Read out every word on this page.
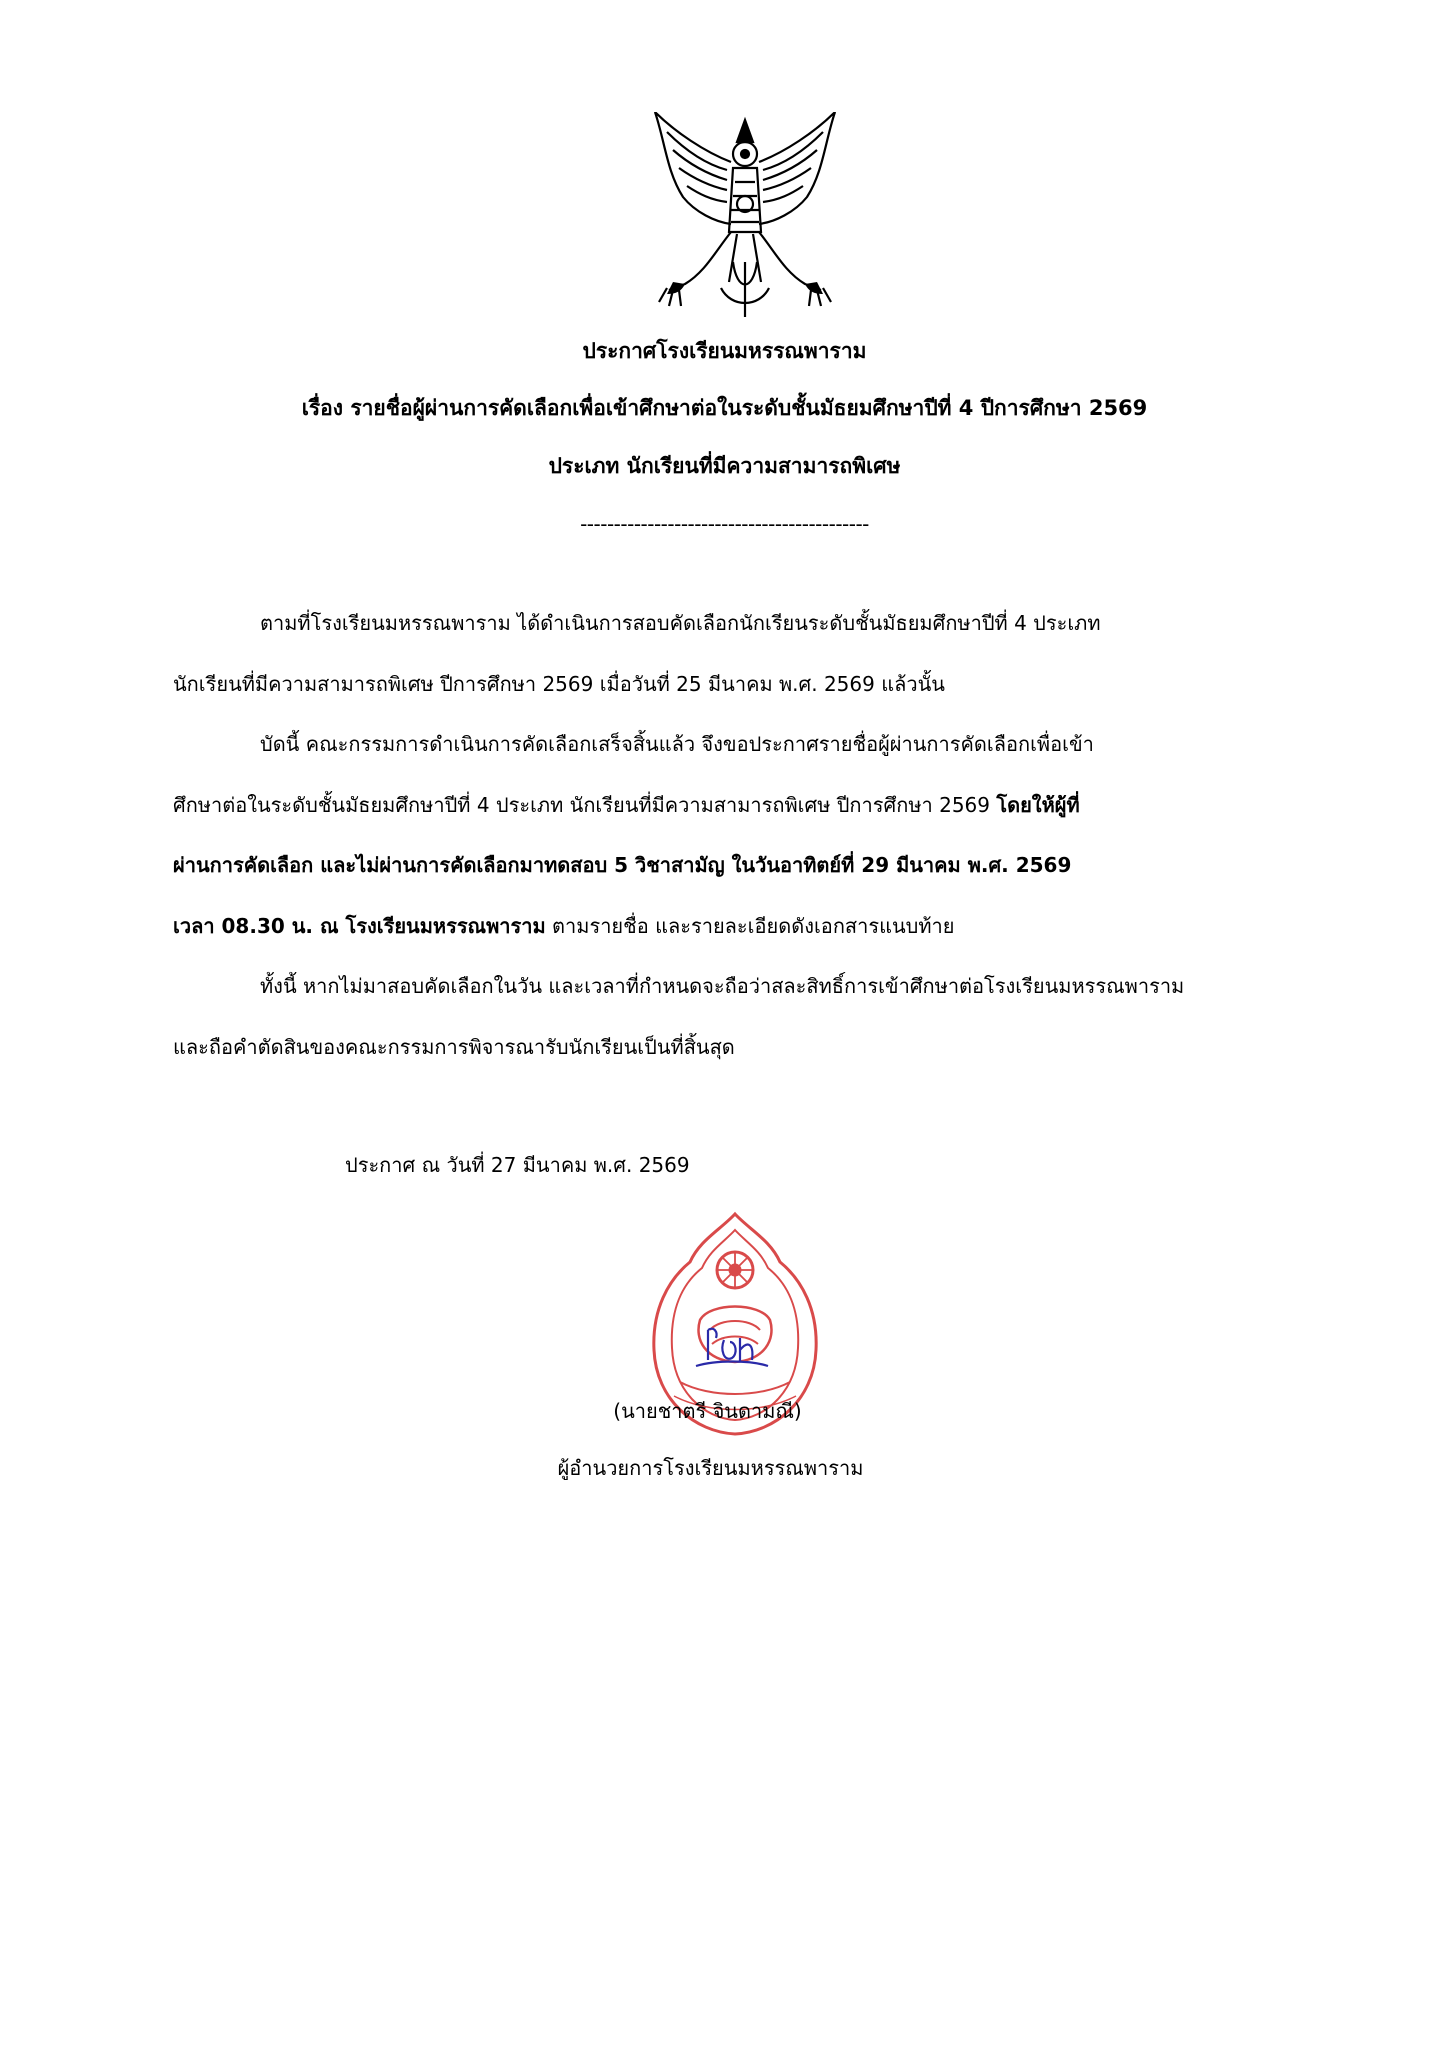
ประกาศโรงเรียนมหรรณพาราม
เรื่อง รายชื่อผู้ผ่านการคัดเลือกเพื่อเข้าศึกษาต่อในระดับชั้นมัธยมศึกษาปีที่ 4 ปีการศึกษา 2569
ประเภท นักเรียนที่มีความสามารถพิเศษ
-------------------------------------------
ตามที่โรงเรียนมหรรณพาราม ได้ดำเนินการสอบคัดเลือกนักเรียนระดับชั้นมัธยมศึกษาปีที่ 4 ประเภท
นักเรียนที่มีความสามารถพิเศษ ปีการศึกษา 2569 เมื่อวันที่ 25 มีนาคม พ.ศ. 2569 แล้วนั้น
บัดนี้ คณะกรรมการดำเนินการคัดเลือกเสร็จสิ้นแล้ว จึงขอประกาศรายชื่อผู้ผ่านการคัดเลือกเพื่อเข้า
ศึกษาต่อในระดับชั้นมัธยมศึกษาปีที่ 4 ประเภท นักเรียนที่มีความสามารถพิเศษ ปีการศึกษา 2569 โดยให้ผู้ที่
ผ่านการคัดเลือก และไม่ผ่านการคัดเลือกมาทดสอบ 5 วิชาสามัญ ในวันอาทิตย์ที่ 29 มีนาคม พ.ศ. 2569
เวลา 08.30 น. ณ โรงเรียนมหรรณพาราม ตามรายชื่อ และรายละเอียดดังเอกสารแนบท้าย
ทั้งนี้ หากไม่มาสอบคัดเลือกในวัน และเวลาที่กำหนดจะถือว่าสละสิทธิ์การเข้าศึกษาต่อโรงเรียนมหรรณพาราม
และถือคำตัดสินของคณะกรรมการพิจารณารับนักเรียนเป็นที่สิ้นสุด
ประกาศ ณ วันที่ 27 มีนาคม พ.ศ. 2569
(นายชาตรี จินดามณี)
ผู้อำนวยการโรงเรียนมหรรณพาราม
